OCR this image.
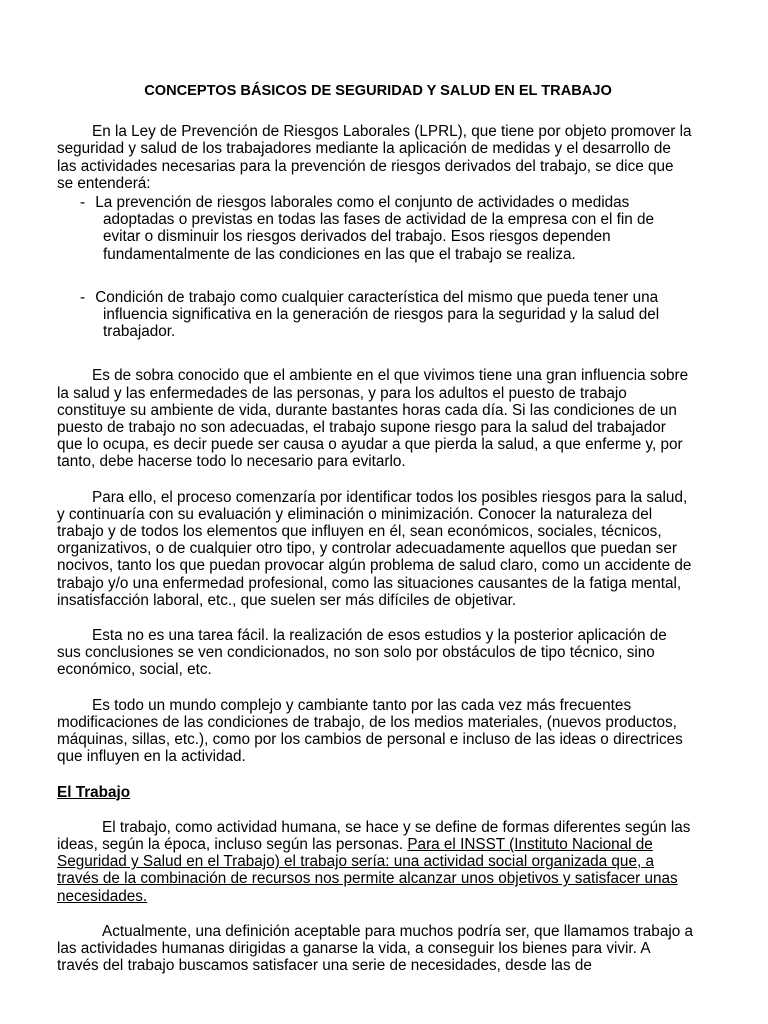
CONCEPTOS BÁSICOS DE SEGURIDAD Y SALUD EN EL TRABAJO

En la Ley de Prevención de Riesgos Laborales (LPRL), que tiene por objeto promover la seguridad y salud de los trabajadores mediante la aplicación de medidas y el desarrollo de las actividades necesarias para la prevención de riesgos derivados del trabajo, se dice que se entenderá:

- La prevención de riesgos laborales como el conjunto de actividades o medidas adoptadas o previstas en todas las fases de actividad de la empresa con el fin de evitar o disminuir los riesgos derivados del trabajo. Esos riesgos dependen fundamentalmente de las condiciones en las que el trabajo se realiza.
- Condición de trabajo como cualquier característica del mismo que pueda tener una influencia significativa en la generación de riesgos para la seguridad y la salud del trabajador.

Es de sobra conocido que el ambiente en el que vivimos tiene una gran influencia sobre la salud y las enfermedades de las personas, y para los adultos el puesto de trabajo constituye su ambiente de vida, durante bastantes horas cada día. Si las condiciones de un puesto de trabajo no son adecuadas, el trabajo supone riesgo para la salud del trabajador que lo ocupa, es decir puede ser causa o ayudar a que pierda la salud, a que enferme y, por tanto, debe hacerse todo lo necesario para evitarlo.

Para ello, el proceso comenzaría por identificar todos los posibles riesgos para la salud, y continuaría con su evaluación y eliminación o minimización. Conocer la naturaleza del trabajo y de todos los elementos que influyen en él, sean económicos, sociales, técnicos, organizativos, o de cualquier otro tipo, y controlar adecuadamente aquellos que puedan ser nocivos, tanto los que puedan provocar algún problema de salud claro, como un accidente de trabajo y/o una enfermedad profesional, como las situaciones causantes de la fatiga mental, insatisfacción laboral, etc., que suelen ser más difíciles de objetivar.

Esta no es una tarea fácil. la realización de esos estudios y la posterior aplicación de sus conclusiones se ven condicionados, no son solo por obstáculos de tipo técnico, sino económico, social, etc.

Es todo un mundo complejo y cambiante tanto por las cada vez más frecuentes modificaciones de las condiciones de trabajo, de los medios materiales, (nuevos productos, máquinas, sillas, etc.), como por los cambios de personal e incluso de las ideas o directrices que influyen en la actividad.

El Trabajo

El trabajo, como actividad humana, se hace y se define de formas diferentes según las ideas, según la época, incluso según las personas. Para el INSST (Instituto Nacional de Seguridad y Salud en el Trabajo) el trabajo sería: una actividad social organizada que, a través de la combinación de recursos nos permite alcanzar unos objetivos y satisfacer unas necesidades.

Actualmente, una definición aceptable para muchos podría ser, que llamamos trabajo a las actividades humanas dirigidas a ganarse la vida, a conseguir los bienes para vivir. A través del trabajo buscamos satisfacer una serie de necesidades, desde las de
